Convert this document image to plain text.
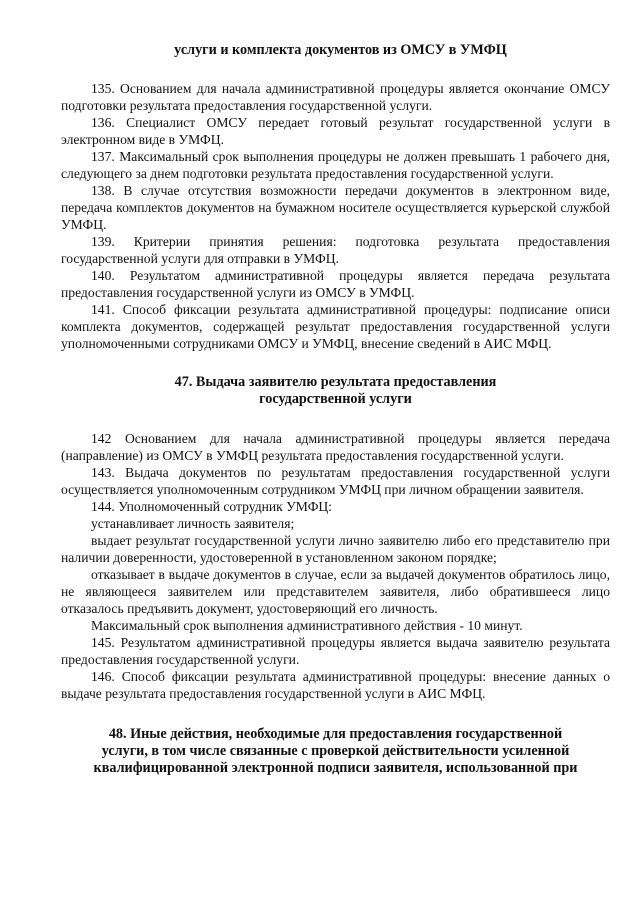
услуги и комплекта документов из ОМСУ в УМФЦ

135. Основанием для начала административной процедуры является окончание ОМСУ подготовки результата предоставления государственной услуги.

136. Специалист ОМСУ передает готовый результат государственной услуги в электронном виде в УМФЦ.

137. Максимальный срок выполнения процедуры не должен превышать 1 рабочего дня, следующего за днем подготовки результата предоставления государственной услуги.

138. В случае отсутствия возможности передачи документов в электронном виде, передача комплектов документов на бумажном носителе осуществляется курьерской службой УМФЦ.

139. Критерии принятия решения: подготовка результата предоставления государственной услуги для отправки в УМФЦ.

140. Результатом административной процедуры является передача результата предоставления государственной услуги из ОМСУ в УМФЦ.

141. Способ фиксации результата административной процедуры: подписание описи комплекта документов, содержащей результат предоставления государственной услуги уполномоченными сотрудниками ОМСУ и УМФЦ, внесение сведений в АИС МФЦ.

47. Выдача заявителю результата предоставления
государственной услуги

142 Основанием для начала административной процедуры является передача (направление) из ОМСУ в УМФЦ результата предоставления государственной услуги.

143. Выдача документов по результатам предоставления государственной услуги осуществляется уполномоченным сотрудником УМФЦ при личном обращении заявителя.

144. Уполномоченный сотрудник УМФЦ:

устанавливает личность заявителя;

выдает результат государственной услуги лично заявителю либо его представителю при наличии доверенности, удостоверенной в установленном законом порядке;

отказывает в выдаче документов в случае, если за выдачей документов обратилось лицо, не являющееся заявителем или представителем заявителя, либо обратившееся лицо отказалось предъявить документ, удостоверяющий его личность.

Максимальный срок выполнения административного действия - 10 минут.

145. Результатом административной процедуры является выдача заявителю результата предоставления государственной услуги.

146. Способ фиксации результата административной процедуры: внесение данных о выдаче результата предоставления государственной услуги в АИС МФЦ.

48. Иные действия, необходимые для предоставления государственной
услуги, в том числе связанные с проверкой действительности усиленной
квалифицированной электронной подписи заявителя, использованной при
